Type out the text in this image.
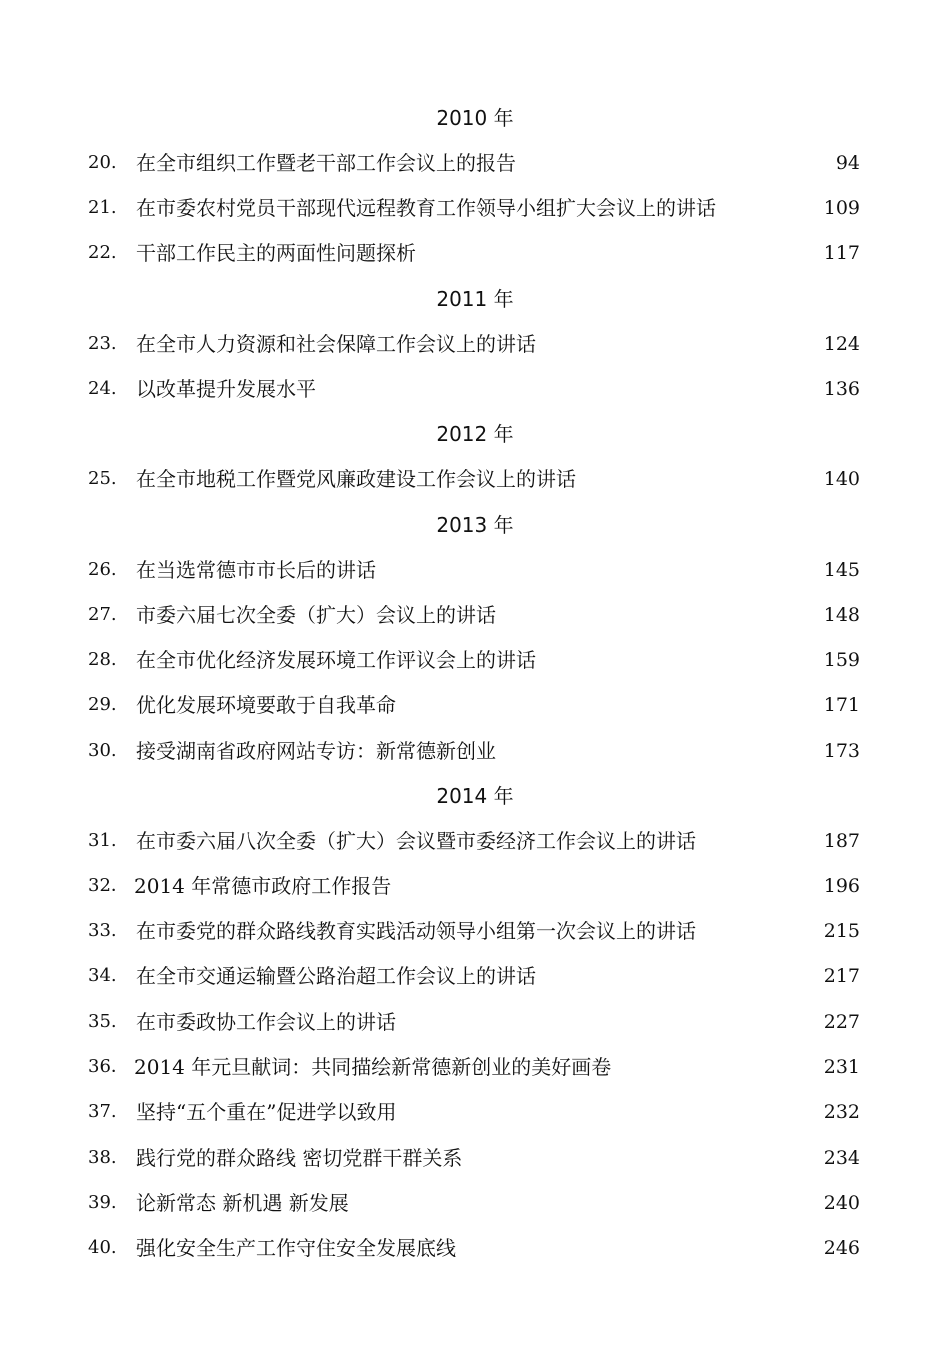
2010 年
20. 在全市组织工作暨老干部工作会议上的报告	94
21. 在市委农村党员干部现代远程教育工作领导小组扩大会议上的讲话	109
22. 干部工作民主的两面性问题探析	117
2011 年
23. 在全市人力资源和社会保障工作会议上的讲话	124
24. 以改革提升发展水平	136
2012 年
25. 在全市地税工作暨党风廉政建设工作会议上的讲话	140
2013 年
26. 在当选常德市市长后的讲话	145
27. 市委六届七次全委（扩大）会议上的讲话	148
28. 在全市优化经济发展环境工作评议会上的讲话	159
29. 优化发展环境要敢于自我革命	171
30. 接受湖南省政府网站专访：新常德新创业	173
2014 年
31. 在市委六届八次全委（扩大）会议暨市委经济工作会议上的讲话	187
32． 2014 年常德市政府工作报告	196
33. 在市委党的群众路线教育实践活动领导小组第一次会议上的讲话	215
34. 在全市交通运输暨公路治超工作会议上的讲话	217
35. 在市委政协工作会议上的讲话	227
36． 2014 年元旦献词：共同描绘新常德新创业的美好画卷	231
37. 坚持“五个重在”促进学以致用	232
38. 践行党的群众路线 密切党群干群关系	234
39. 论新常态 新机遇 新发展	240
40. 强化安全生产工作守住安全发展底线	246
